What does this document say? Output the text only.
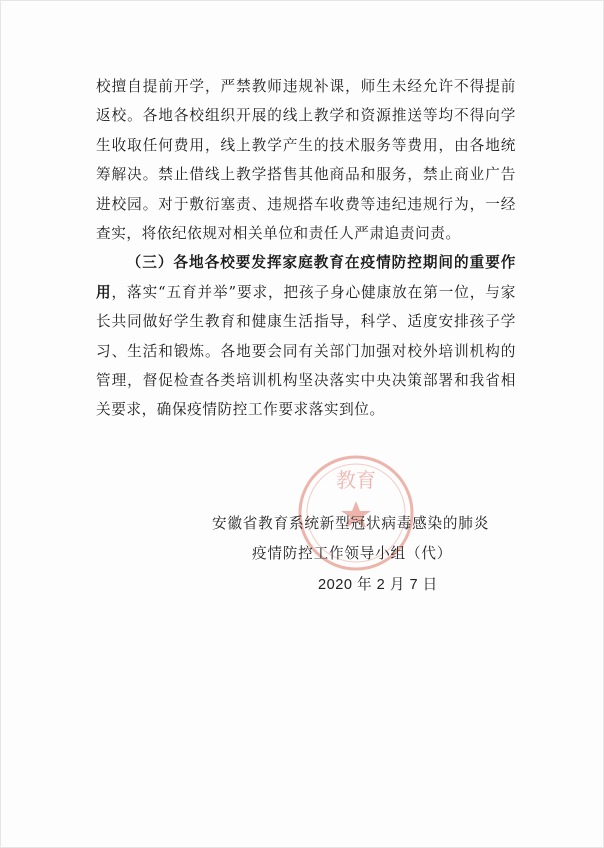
校擅自提前开学，严禁教师违规补课，师生未经允许不得提前返校。各地各校组织开展的线上教学和资源推送等均不得向学生收取任何费用，线上教学产生的技术服务等费用，由各地统筹解决。禁止借线上教学搭售其他商品和服务，禁止商业广告进校园。对于敷衍塞责、违规搭车收费等违纪违规行为，一经查实，将依纪依规对相关单位和责任人严肃追责问责。

（三）各地各校要发挥家庭教育在疫情防控期间的重要作用，落实“五育并举”要求，把孩子身心健康放在第一位，与家长共同做好学生教育和健康生活指导，科学、适度安排孩子学习、生活和锻炼。各地要会同有关部门加强对校外培训机构的管理，督促检查各类培训机构坚决落实中央决策部署和我省相关要求，确保疫情防控工作要求落实到位。

教育
安徽省教育系统新型冠状病毒感染的肺炎
疫情防控工作领导小组（代）
2020 年 2 月 7 日
